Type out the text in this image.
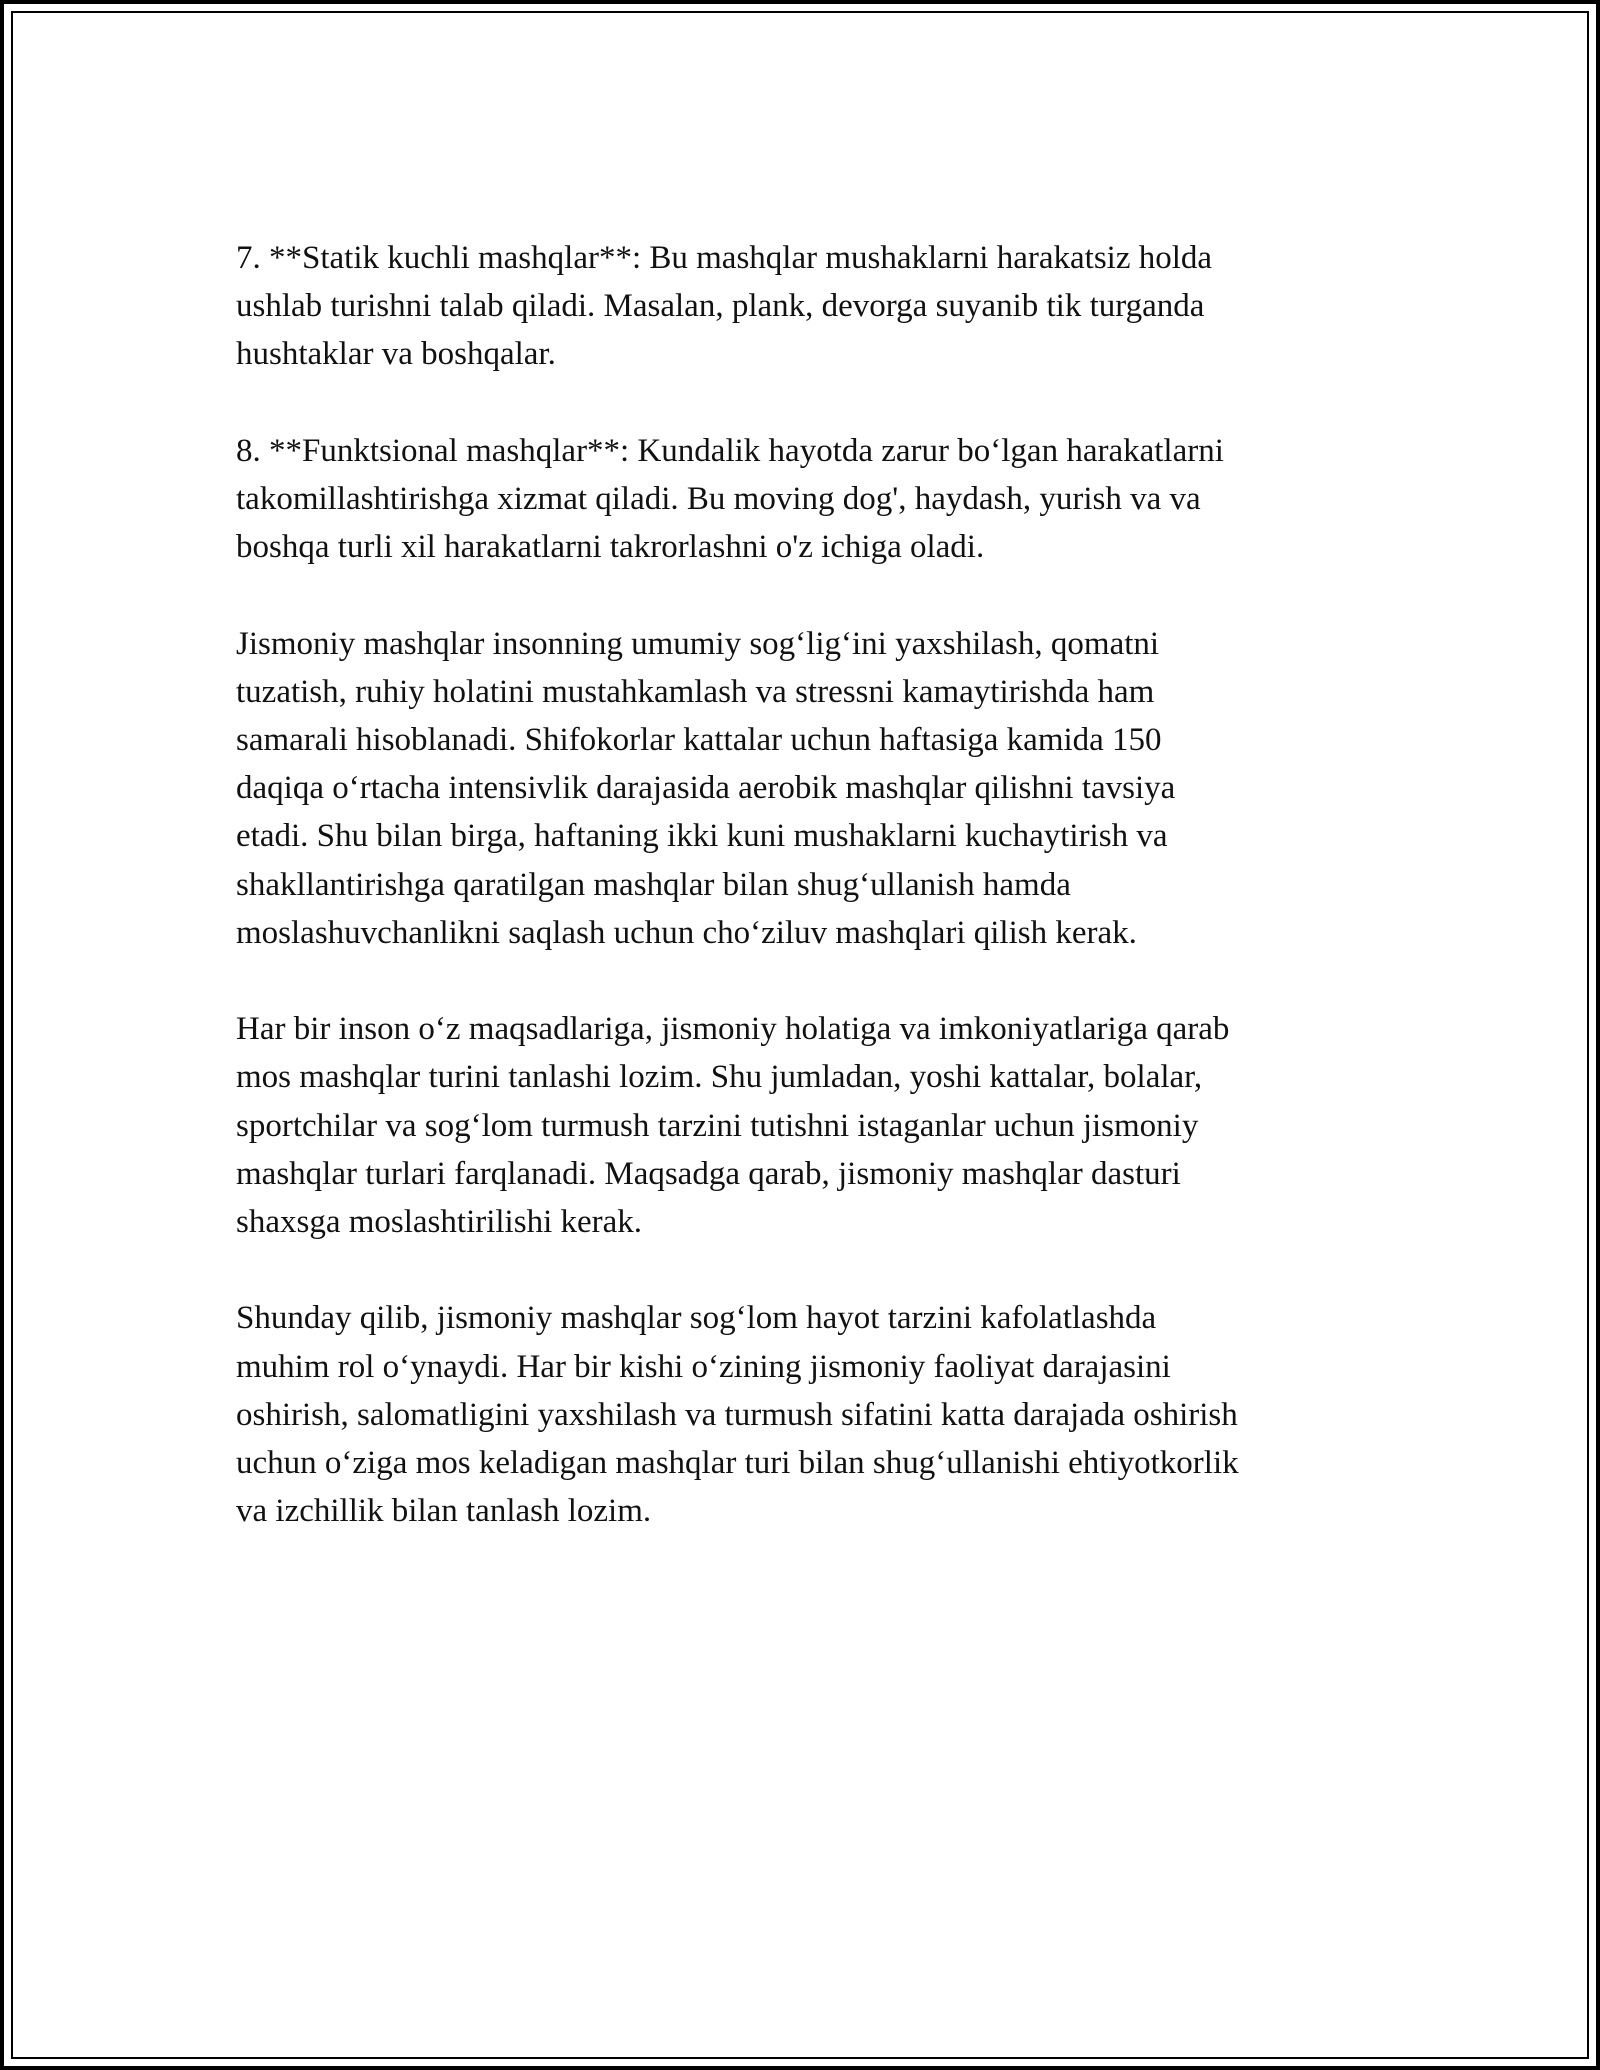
7. **Statik kuchli mashqlar**: Bu mashqlar mushaklarni harakatsiz holda
ushlab turishni talab qiladi. Masalan, plank, devorga suyanib tik turganda
hushtaklar va boshqalar.

8. **Funktsional mashqlar**: Kundalik hayotda zarur boʻlgan harakatlarni
takomillashtirishga xizmat qiladi. Bu moving dog', haydash, yurish va va
boshqa turli xil harakatlarni takrorlashni o'z ichiga oladi.

Jismoniy mashqlar insonning umumiy sogʻligʻini yaxshilash, qomatni
tuzatish, ruhiy holatini mustahkamlash va stressni kamaytirishda ham
samarali hisoblanadi. Shifokorlar kattalar uchun haftasiga kamida 150
daqiqa oʻrtacha intensivlik darajasida aerobik mashqlar qilishni tavsiya
etadi. Shu bilan birga, haftaning ikki kuni mushaklarni kuchaytirish va
shakllantirishga qaratilgan mashqlar bilan shugʻullanish hamda
moslashuvchanlikni saqlash uchun choʻziluv mashqlari qilish kerak.

Har bir inson oʻz maqsadlariga, jismoniy holatiga va imkoniyatlariga qarab
mos mashqlar turini tanlashi lozim. Shu jumladan, yoshi kattalar, bolalar,
sportchilar va sogʻlom turmush tarzini tutishni istaganlar uchun jismoniy
mashqlar turlari farqlanadi. Maqsadga qarab, jismoniy mashqlar dasturi
shaxsga moslashtirilishi kerak.

Shunday qilib, jismoniy mashqlar sogʻlom hayot tarzini kafolatlashda
muhim rol oʻynaydi. Har bir kishi oʻzining jismoniy faoliyat darajasini
oshirish, salomatligini yaxshilash va turmush sifatini katta darajada oshirish
uchun oʻziga mos keladigan mashqlar turi bilan shugʻullanishi ehtiyotkorlik
va izchillik bilan tanlash lozim.
